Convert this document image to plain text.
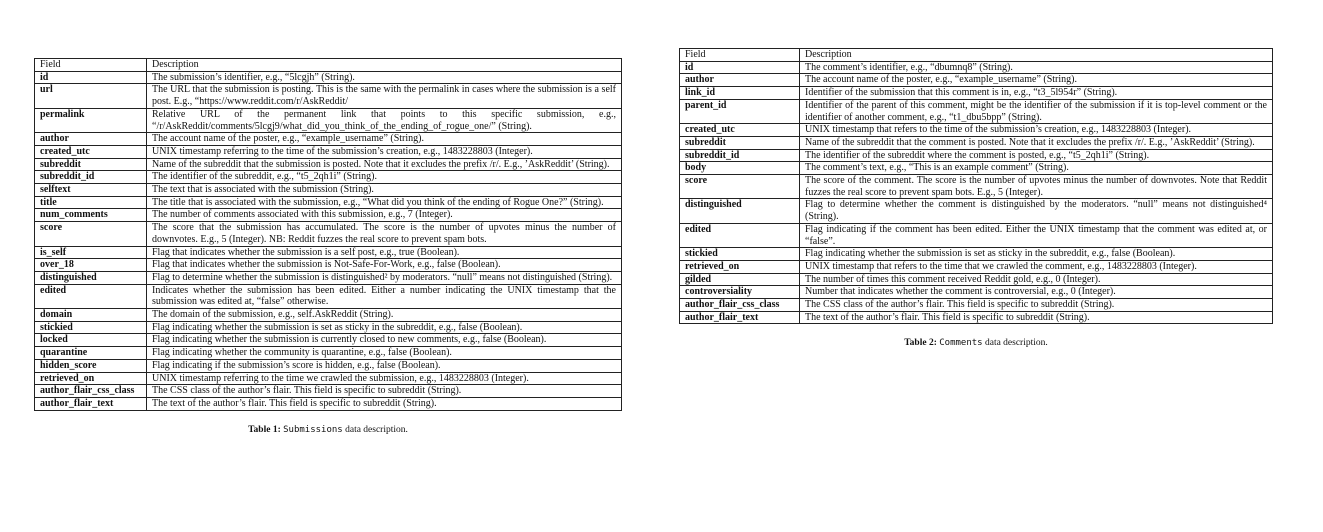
Field	Description
id	The submission’s identifier, e.g., “5lcgjh” (String).
url	The URL that the submission is posting. This is the same with the permalink in cases where the submission is a self post. E.g., “https://www.reddit.com/r/AskReddit/
permalink	Relative URL of the permanent link that points to this specific submission, e.g., “/r/AskReddit/comments/5lcgj9/what_did_you_think_of_the_ending_of_rogue_one/” (String).
author	The account name of the poster, e.g., “example_username” (String).
created_utc	UNIX timestamp referring to the time of the submission’s creation, e.g., 1483228803 (Integer).
subreddit	Name of the subreddit that the submission is posted. Note that it excludes the prefix /r/. E.g., ’AskReddit’ (String).
subreddit_id	The identifier of the subreddit, e.g., “t5_2qh1i” (String).
selftext	The text that is associated with the submission (String).
title	The title that is associated with the submission, e.g., “What did you think of the ending of Rogue One?” (String).
num_comments	The number of comments associated with this submission, e.g., 7 (Integer).
score	The score that the submission has accumulated. The score is the number of upvotes minus the number of downvotes. E.g., 5 (Integer). NB: Reddit fuzzes the real score to prevent spam bots.
is_self	Flag that indicates whether the submission is a self post, e.g., true (Boolean).
over_18	Flag that indicates whether the submission is Not-Safe-For-Work, e.g., false (Boolean).
distinguished	Flag to determine whether the submission is distinguished² by moderators. “null” means not distinguished (String).
edited	Indicates whether the submission has been edited. Either a number indicating the UNIX timestamp that the submission was edited at, “false” otherwise.
domain	The domain of the submission, e.g., self.AskReddit (String).
stickied	Flag indicating whether the submission is set as sticky in the subreddit, e.g., false (Boolean).
locked	Flag indicating whether the submission is currently closed to new comments, e.g., false (Boolean).
quarantine	Flag indicating whether the community is quarantine, e.g., false (Boolean).
hidden_score	Flag indicating if the submission’s score is hidden, e.g., false (Boolean).
retrieved_on	UNIX timestamp referring to the time we crawled the submission, e.g., 1483228803 (Integer).
author_flair_css_class	The CSS class of the author’s flair. This field is specific to subreddit (String).
author_flair_text	The text of the author’s flair. This field is specific to subreddit (String).
Table 1: Submissions data description.
Field	Description
id	The comment’s identifier, e.g., “dbumnq8” (String).
author	The account name of the poster, e.g., “example_username” (String).
link_id	Identifier of the submission that this comment is in, e.g., “t3_5l954r” (String).
parent_id	Identifier of the parent of this comment, might be the identifier of the submission if it is top-level comment or the identifier of another comment, e.g., “t1_dbu5bpp” (String).
created_utc	UNIX timestamp that refers to the time of the submission’s creation, e.g., 1483228803 (Integer).
subreddit	Name of the subreddit that the comment is posted. Note that it excludes the prefix /r/. E.g., ’AskReddit’ (String).
subreddit_id	The identifier of the subreddit where the comment is posted, e.g., “t5_2qh1i” (String).
body	The comment’s text, e.g., “This is an example comment” (String).
score	The score of the comment. The score is the number of upvotes minus the number of downvotes. Note that Reddit fuzzes the real score to prevent spam bots. E.g., 5 (Integer).
distinguished	Flag to determine whether the comment is distinguished by the moderators. “null” means not distinguished⁴ (String).
edited	Flag indicating if the comment has been edited. Either the UNIX timestamp that the comment was edited at, or “false”.
stickied	Flag indicating whether the submission is set as sticky in the subreddit, e.g., false (Boolean).
retrieved_on	UNIX timestamp that refers to the time that we crawled the comment, e.g., 1483228803 (Integer).
gilded	The number of times this comment received Reddit gold, e.g., 0 (Integer).
controversiality	Number that indicates whether the comment is controversial, e.g., 0 (Integer).
author_flair_css_class	The CSS class of the author’s flair. This field is specific to subreddit (String).
author_flair_text	The text of the author’s flair. This field is specific to subreddit (String).
Table 2: Comments data description.
